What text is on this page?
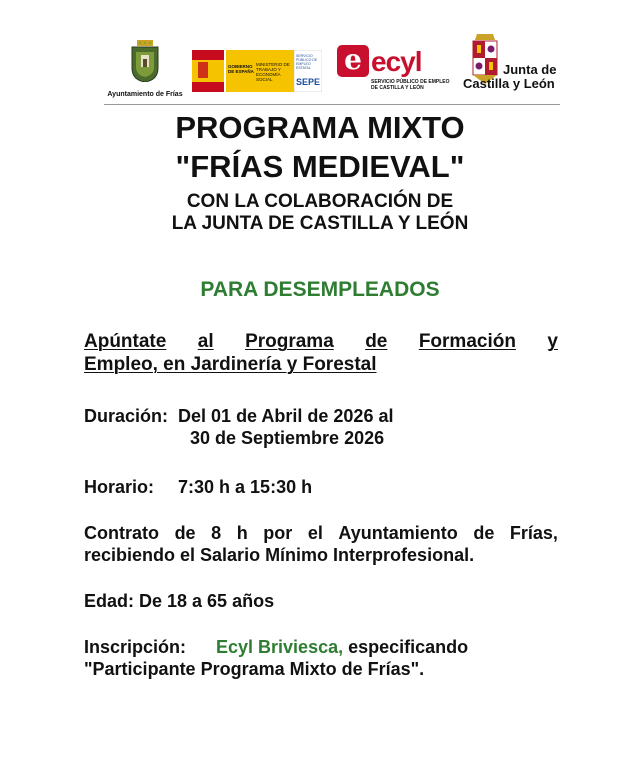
Ayuntamiento de Frías
GOBIERNO DE ESPAÑA
MINISTERIO DE TRABAJO Y ECONOMÍA SOCIAL
SERVICIO PÚBLICO DE EMPLEO ESTATAL
SEPE
e ecyl
SERVICIO PÚBLICO DE EMPLEO
DE CASTILLA Y LEÓN
Junta de
Castilla y León
PROGRAMA MIXTO
"FRÍAS MEDIEVAL"
CON LA COLABORACIÓN DE
LA JUNTA DE CASTILLA Y LEÓN
PARA DESEMPLEADOS
Apúntate al Programa de Formación y
Empleo, en Jardinería y Forestal
Duración: Del 01 de Abril de 2026 al
30 de Septiembre 2026
Horario: 7:30 h a 15:30 h
Contrato de 8 h por el Ayuntamiento de Frías,
recibiendo el Salario Mínimo Interprofesional.
Edad: De 18 a 65 años
Inscripción: Ecyl Briviesca, especificando
"Participante Programa Mixto de Frías".
